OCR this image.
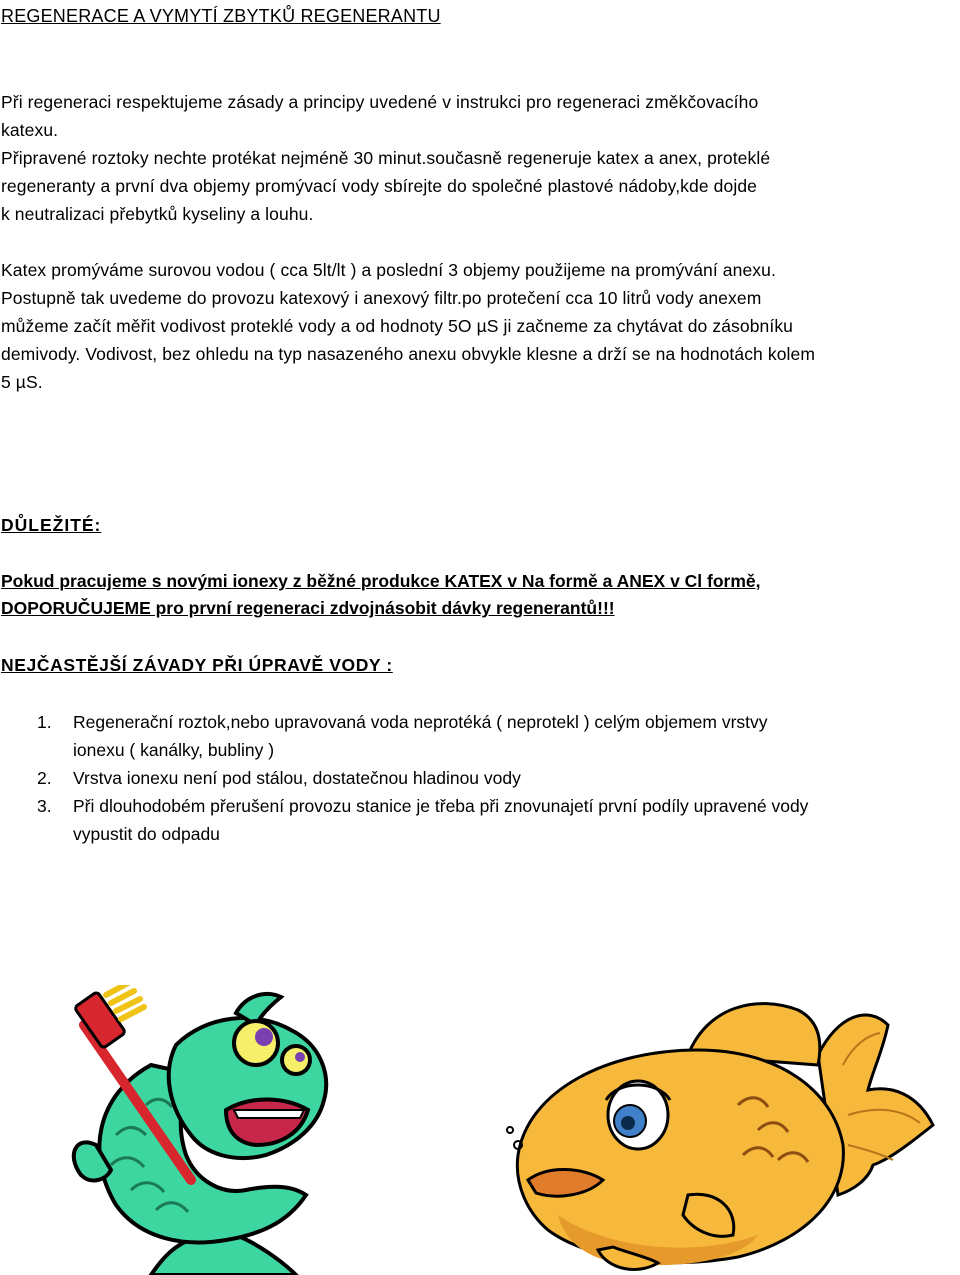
REGENERACE A VYMYTÍ ZBYTKŮ REGENERANTU

Při regeneraci respektujeme zásady a principy uvedené v instrukci pro regeneraci změkčovacího
katexu.
Připravené roztoky nechte protékat nejméně 30 minut.současně regeneruje katex a anex, proteklé
regeneranty a první dva objemy promývací vody sbírejte do společné plastové nádoby,kde dojde
k neutralizaci přebytků kyseliny a louhu.

Katex promýváme surovou vodou ( cca 5lt/lt ) a poslední 3 objemy použijeme na promývání anexu.
Postupně tak uvedeme do provozu katexový i anexový filtr.po protečení cca 10 litrů vody anexem
můžeme začít měřit vodivost proteklé vody a od hodnoty 5O µS ji začneme za chytávat do zásobníku
demivody. Vodivost, bez ohledu na typ nasazeného anexu obvykle klesne a drží se na hodnotách kolem
5 µS.

DŮLEŽITÉ:

Pokud pracujeme s novými ionexy z běžné produkce KATEX v Na formě a ANEX v Cl formě,
DOPORUČUJEME pro první regeneraci zdvojnásobit dávky regenerantů!!!

NEJČASTĚJŠÍ ZÁVADY PŘI ÚPRAVĚ VODY :
1. Regenerační roztok,nebo upravovaná voda neprotéká ( neprotekl ) celým objemem vrstvy
ionexu ( kanálky, bubliny )
2. Vrstva ionexu není pod stálou, dostatečnou hladinou vody
3. Při dlouhodobém přerušení provozu stanice je třeba při znovunajetí první podíly upravené vody
vypustit do odpadu
